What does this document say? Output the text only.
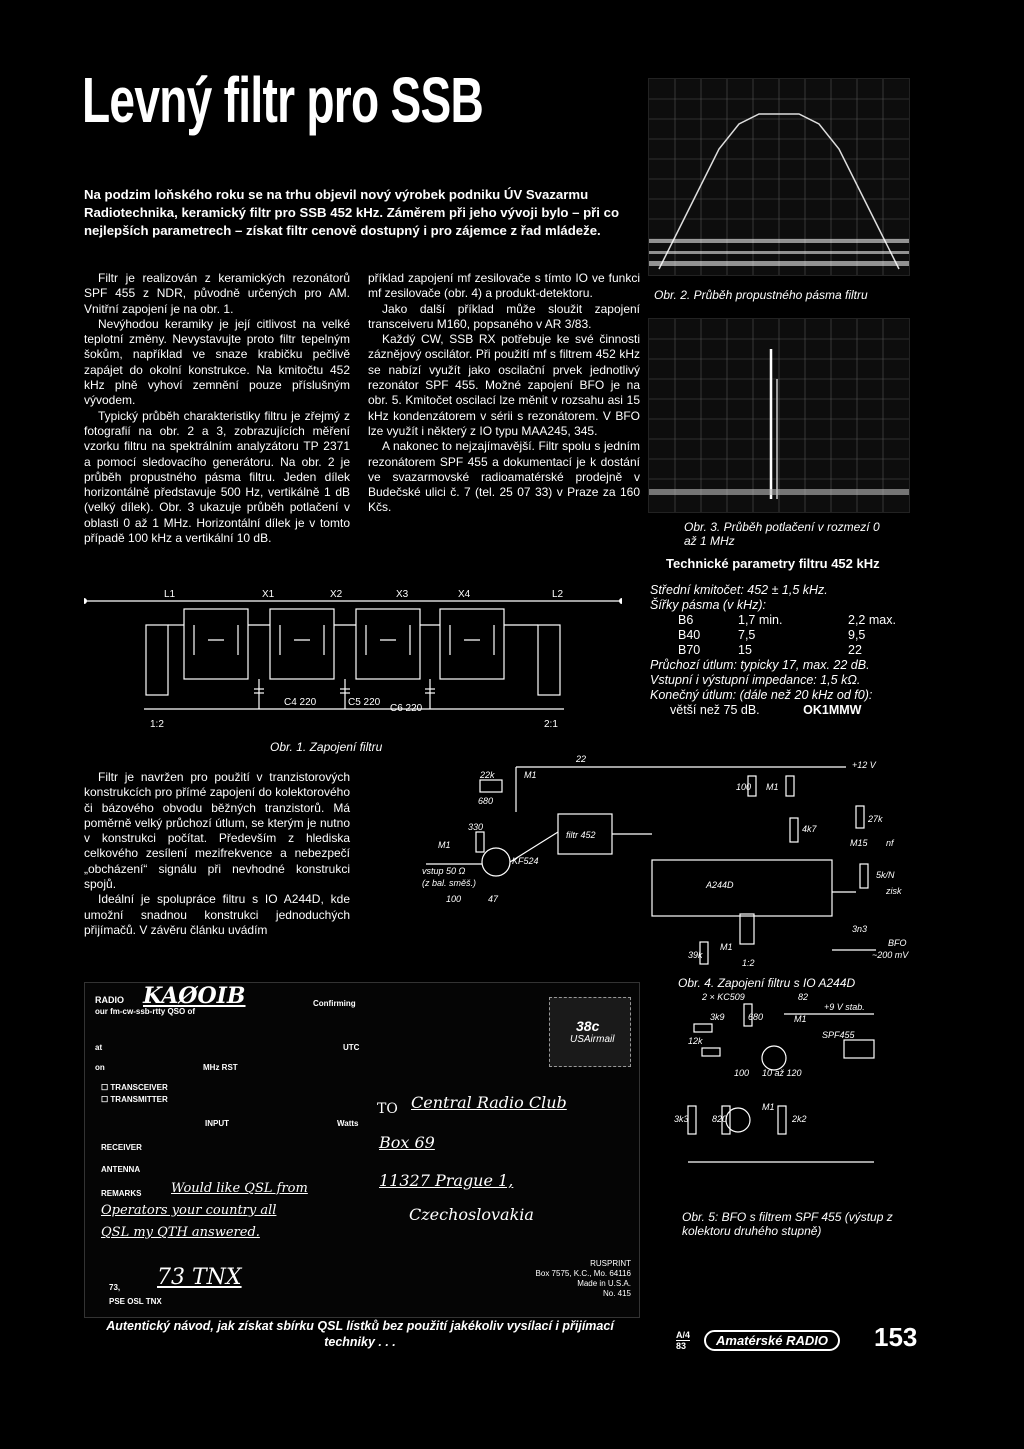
Levný filtr pro SSB
Na podzim loňského roku se na trhu objevil nový výrobek podniku ÚV Svazarmu Radiotechnika, keramický filtr pro SSB 452 kHz. Záměrem při jeho vývoji bylo – při co nejlepších parametrech – získat filtr cenově dostupný i pro zájemce z řad mládeže.
Obr. 2. Průběh propustného pásma filtru
Obr. 3. Průběh potlačení v rozmezí 0 až 1 MHz

Filtr je realizován z keramických rezonátorů SPF 455 z NDR, původně určených pro AM. Vnitřní zapojení je na obr. 1.

Nevýhodou keramiky je její citlivost na velké teplotní změny. Nevystavujte proto filtr tepelným šokům, například ve snaze krabičku pečlivě zapájet do okolní konstrukce. Na kmitočtu 452 kHz plně vyhoví zemnění pouze příslušným vývodem.

Typický průběh charakteristiky filtru je zřejmý z fotografií na obr. 2 a 3, zobrazujících měření vzorku filtru na spektrálním analyzátoru TP 2371 a pomocí sledovacího generátoru. Na obr. 2 je průběh propustného pásma filtru. Jeden dílek horizontálně představuje 500 Hz, vertikálně 1 dB (velký dílek). Obr. 3 ukazuje průběh potlačení v oblasti 0 až 1 MHz. Horizontální dílek je v tomto případě 100 kHz a vertikální 10 dB.

příklad zapojení mf zesilovače s tímto IO ve funkci mf zesilovače (obr. 4) a produkt-detektoru.

Jako další příklad může sloužit zapojení transceiveru M160, popsaného v AR 3/83.

Každý CW, SSB RX potřebuje ke své činnosti záznějový oscilátor. Při použití mf s filtrem 452 kHz se nabízí využít jako oscilační prvek jednotlivý rezonátor SPF 455. Možné zapojení BFO je na obr. 5. Kmitočet oscilací lze měnit v rozsahu asi 15 kHz kondenzátorem v sérii s rezonátorem. V BFO lze využít i některý z IO typu MAA245, 345.

A nakonec to nejzajímavější. Filtr spolu s jedním rezonátorem SPF 455 a dokumentací je k dostání ve svazarmovské radioamatérské prodejně v Budečské ulici č. 7 (tel. 25 07 33) v Praze za 160 Kčs.

Technické parametry filtru 452 kHz
Střední kmitočet: 452 ± 1,5 kHz.
Šířky pásma (v kHz):
B6	1,7 min.	2,2 max.
B40	7,5	9,5
B70	15	22
Průchozí útlum: typicky 17, max. 22 dB.
Vstupní i výstupní impedance: 1,5 kΩ.
Konečný útlum: (dále než 20 kHz od f0):
větší než 75 dB.	OK1MMW
L1	X1	X2	X3	X4	L2
1:2	2:1
C4 220	C5 220
C6 220
Obr. 1. Zapojení filtru

Filtr je navržen pro použití v tranzistorových konstrukcích pro přímé zapojení do kolektorového či bázového obvodu běžných tranzistorů. Má poměrně velký průchozí útlum, se kterým je nutno v konstrukci počítat. Především z hlediska celkového zesílení mezifrekvence a nebezpečí „obcházení“ signálu při nevhodné konstrukci spojů.

Ideální je spolupráce filtru s IO A244D, kde umožní snadnou konstrukci jednoduchých přijímačů. V závěru článku uvádím

22
22k	M1
680
330
M1
vstup 50 Ω
(z bal. směš.)
100	47
KF524
filtr 452
+12 V
100 M1
A244D
4k7
27k
M15 nf
5k/N
zisk
3n3
BFO
~200 mV
39k
M1
1:2
Obr. 4. Zapojení filtru s IO A244D
2 × KC509	82
+9 V stab.
3k9	680	M1
SPF455
12k
100 10 až 120
3k3	820
M1
2k2
Obr. 5: BFO s filtrem SPF 455 (výstup z kolektoru druhého stupně)
RADIO KAØOIB
our fm-cw-ssb-rtty QSO of
Confirming
at	UTC
on	MHz RST
☐ TRANSCEIVER
☐ TRANSMITTER
INPUT	Watts
RECEIVER
ANTENNA
REMARKS Would like QSL from
Operators your country all
QSL my QTH answered.
73, 73 TNX
PSE OSL TNX
TO Central Radio Club
Box 69
11327 Prague 1,
Czechoslovakia
38c
USAirmail
RUSPRINT
Box 7575, K.C., Mo. 64116
Made in U.S.A.
No. 415
Autentický návod, jak získat sbírku QSL lístků bez použití jakékoliv vysílací i přijímací techniky . . .	A/4
83	Amatérské RADIO	153
